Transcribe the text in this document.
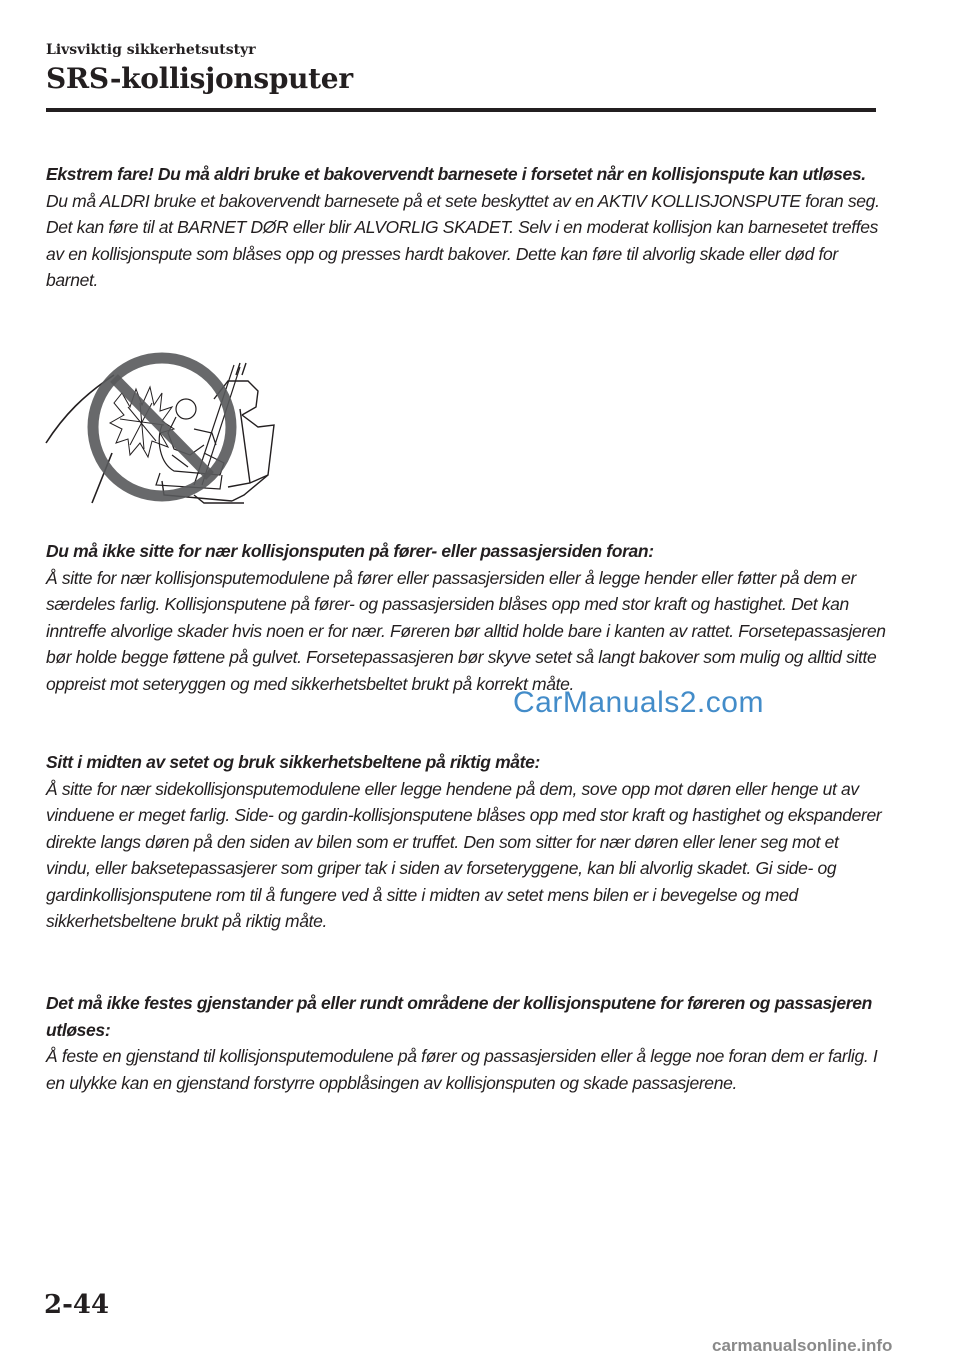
Livsviktig sikkerhetsutstyr
SRS-kollisjonsputer
Ekstrem fare! Du må aldri bruke et bakovervendt barnesete i forsetet når en kollisjonspute kan utløses.
Du må ALDRI bruke et bakovervendt barnesete på et sete beskyttet av en AKTIV KOLLISJONSPUTE foran seg. Det kan føre til at BARNET DØR eller blir ALVORLIG SKADET. Selv i en moderat kollisjon kan barnesetet treffes av en kollisjonspute som blåses opp og presses hardt bakover. Dette kan føre til alvorlig skade eller død for barnet.
Du må ikke sitte for nær kollisjonsputen på fører- eller passasjersiden foran:
Å sitte for nær kollisjonsputemodulene på fører eller passasjersiden eller å legge hender eller føtter på dem er særdeles farlig. Kollisjonsputene på fører- og passasjersiden blåses opp med stor kraft og hastighet. Det kan inntreffe alvorlige skader hvis noen er for nær. Føreren bør alltid holde bare i kanten av rattet. Forsetepassasjeren bør holde begge føttene på gulvet. Forsetepassasjeren bør skyve setet så langt bakover som mulig og alltid sitte oppreist mot seteryggen og med sikkerhetsbeltet brukt på korrekt måte.
Sitt i midten av setet og bruk sikkerhetsbeltene på riktig måte:
Å sitte for nær sidekollisjonsputemodulene eller legge hendene på dem, sove opp mot døren eller henge ut av vinduene er meget farlig. Side- og gardin-kollisjonsputene blåses opp med stor kraft og hastighet og ekspanderer direkte langs døren på den siden av bilen som er truffet. Den som sitter for nær døren eller lener seg mot et vindu, eller baksetepassasjerer som griper tak i siden av forseteryggene, kan bli alvorlig skadet. Gi side- og gardinkollisjonsputene rom til å fungere ved å sitte i midten av setet mens bilen er i bevegelse og med sikkerhetsbeltene brukt på riktig måte.
Det må ikke festes gjenstander på eller rundt områdene der kollisjonsputene for føreren og passasjeren utløses:
Å feste en gjenstand til kollisjonsputemodulene på fører og passasjersiden eller å legge noe foran dem er farlig. I en ulykke kan en gjenstand forstyrre oppblåsingen av kollisjonsputen og skade passasjerene.
CarManuals2.com
2-44
carmanualsonline.info
